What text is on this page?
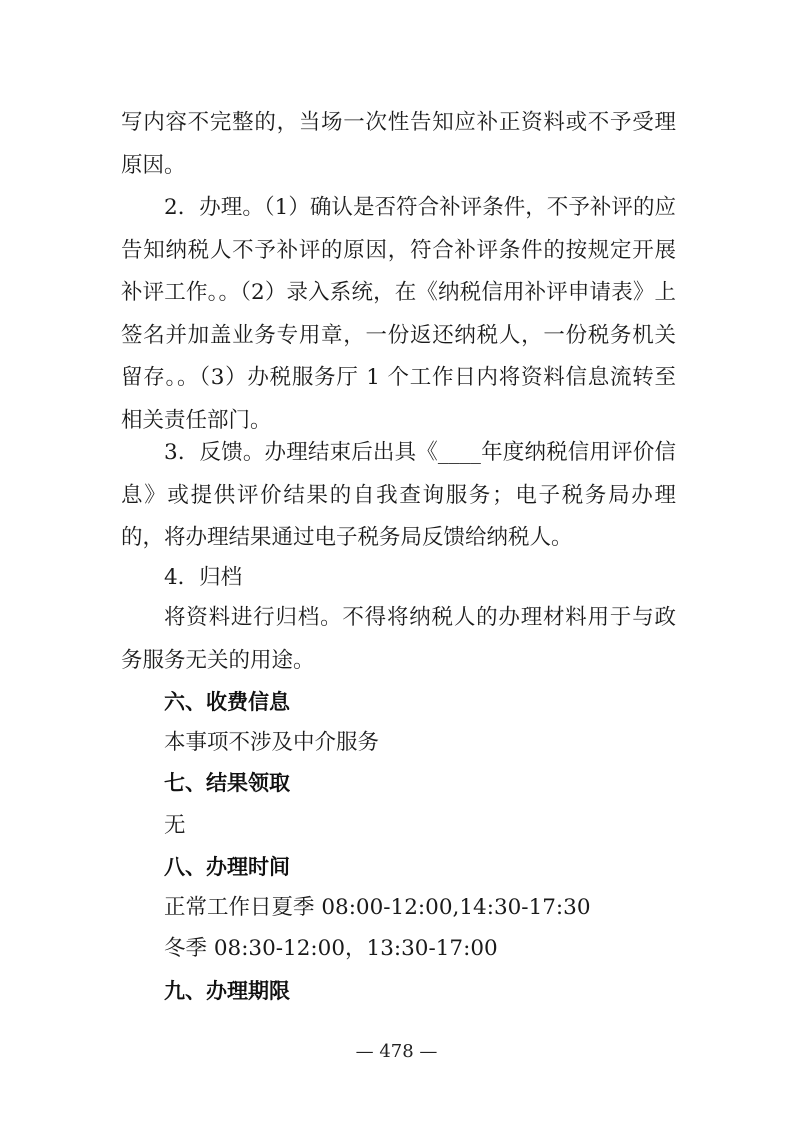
写内容不完整的，当场一次性告知应补正资料或不予受理原因。

2．办理。（1）确认是否符合补评条件，不予补评的应告知纳税人不予补评的原因，符合补评条件的按规定开展补评工作。。（2）录入系统，在《纳税信用补评申请表》上签名并加盖业务专用章，一份返还纳税人，一份税务机关留存。。（3）办税服务厅 1 个工作日内将资料信息流转至相关责任部门。

3．反馈。办理结束后出具《____年度纳税信用评价信息》或提供评价结果的自我查询服务；电子税务局办理的，将办理结果通过电子税务局反馈给纳税人。

4．归档

将资料进行归档。不得将纳税人的办理材料用于与政务服务无关的用途。

六、收费信息

本事项不涉及中介服务

七、结果领取

无

八、办理时间

正常工作日夏季 08:00-12:00,14:30-17:30

冬季 08:30-12:00，13:30-17:00

九、办理期限

— 478 —
